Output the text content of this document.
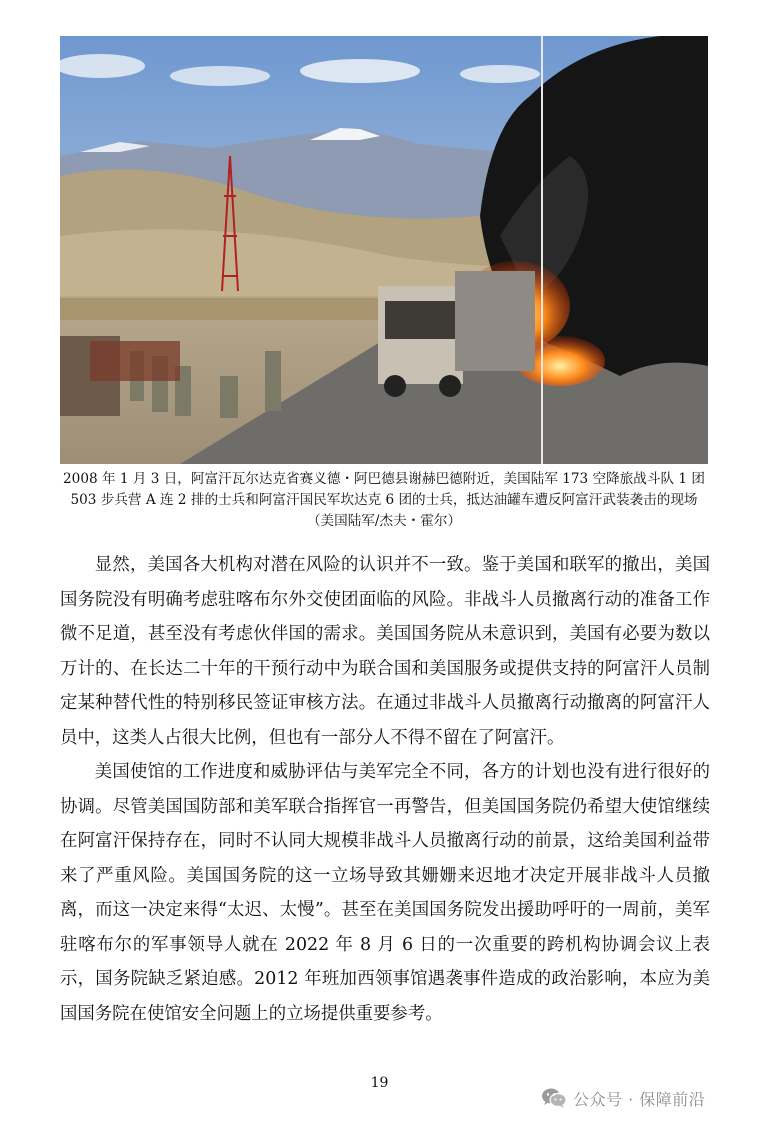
2008 年 1 月 3 日，阿富汗瓦尔达克省赛义德・阿巴德县谢赫巴德附近，美国陆军 173 空降旅战斗队 1 团 503 步兵营 A 连 2 排的士兵和阿富汗国民军坎达克 6 团的士兵，抵达油罐车遭反阿富汗武装袭击的现场（美国陆军/杰夫・霍尔）

显然，美国各大机构对潜在风险的认识并不一致。鉴于美国和联军的撤出，美国国务院没有明确考虑驻喀布尔外交使团面临的风险。非战斗人员撤离行动的准备工作微不足道，甚至没有考虑伙伴国的需求。美国国务院从未意识到，美国有必要为数以万计的、在长达二十年的干预行动中为联合国和美国服务或提供支持的阿富汗人员制定某种替代性的特别移民签证审核方法。在通过非战斗人员撤离行动撤离的阿富汗人员中，这类人占很大比例，但也有一部分人不得不留在了阿富汗。

美国使馆的工作进度和威胁评估与美军完全不同，各方的计划也没有进行很好的协调。尽管美国国防部和美军联合指挥官一再警告，但美国国务院仍希望大使馆继续在阿富汗保持存在，同时不认同大规模非战斗人员撤离行动的前景，这给美国利益带来了严重风险。美国国务院的这一立场导致其姗姗来迟地才决定开展非战斗人员撤离，而这一决定来得“太迟、太慢”。甚至在美国国务院发出援助呼吁的一周前，美军驻喀布尔的军事领导人就在 2022 年 8 月 6 日的一次重要的跨机构协调会议上表示，国务院缺乏紧迫感。2012 年班加西领事馆遇袭事件造成的政治影响，本应为美国国务院在使馆安全问题上的立场提供重要参考。

19
公众号 · 保障前沿
